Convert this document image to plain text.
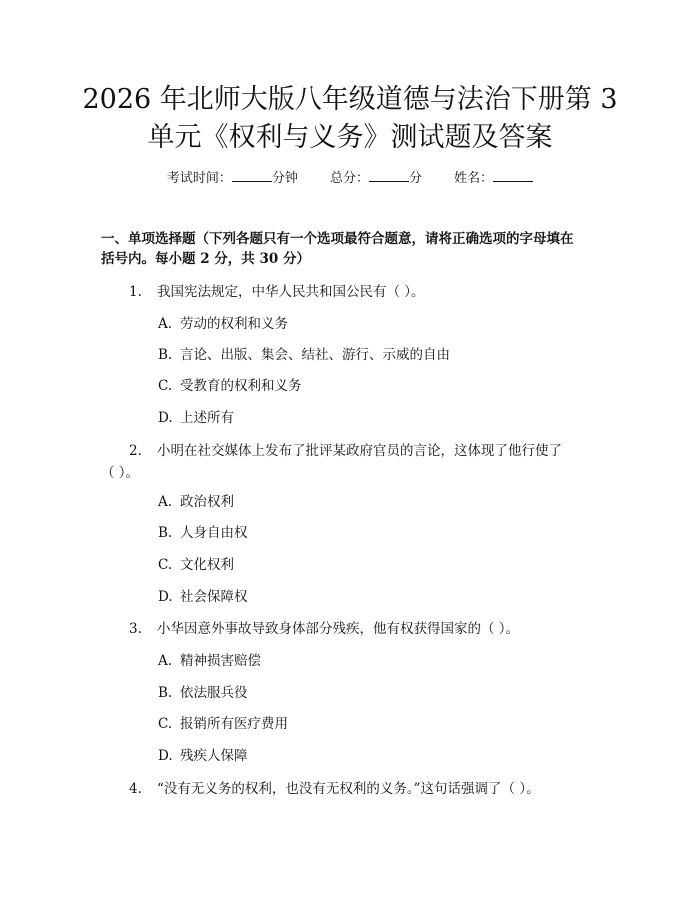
2026 年北师大版八年级道德与法治下册第 3
单元《权利与义务》测试题及答案
考试时间：	分钟 总分：	分 姓名：
一、单项选择题（下列各题只有一个选项最符合题意，请将正确选项的字母填在
括号内。每小题 2 分，共 30 分）
1. 我国宪法规定，中华人民共和国公民有（ ）。
A. 劳动的权利和义务
B. 言论、出版、集会、结社、游行、示威的自由
C. 受教育的权利和义务
D. 上述所有
2. 小明在社交媒体上发布了批评某政府官员的言论，这体现了他行使了
（ ）。
A. 政治权利
B. 人身自由权
C. 文化权利
D. 社会保障权
3. 小华因意外事故导致身体部分残疾，他有权获得国家的（ ）。
A. 精神损害赔偿
B. 依法服兵役
C. 报销所有医疗费用
D. 残疾人保障
4. “没有无义务的权利，也没有无权利的义务。”这句话强调了（ ）。
